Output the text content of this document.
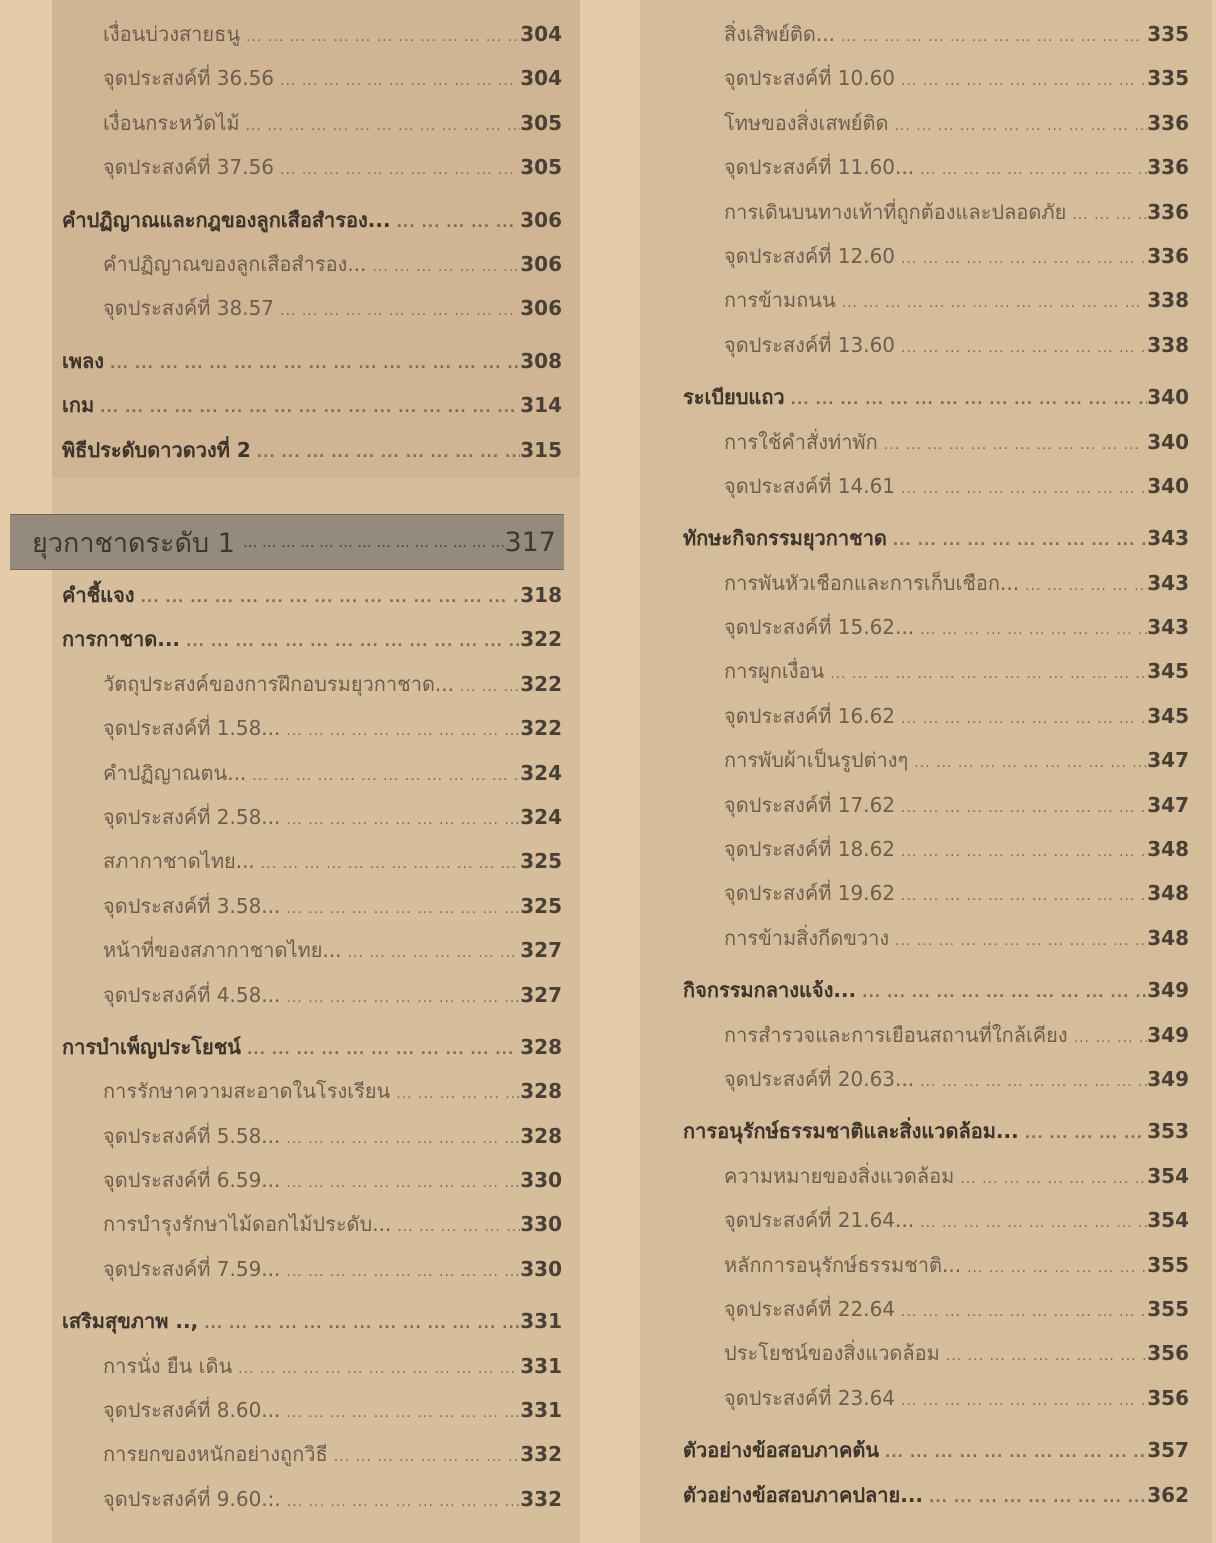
เงื่อนบ่วงสายธนู ... .	304
จุดประสงค์ที่ 36.56 ... .	304
เงื่อนกระหวัดไม้ ... .	305
จุดประสงค์ที่ 37.56 ... .	305
คำปฏิญาณและกฎของลูกเสือสำรอง... ... .	306
คำปฏิญาณของลูกเสือสำรอง... ... .	306
จุดประสงค์ที่ 38.57 ... .	306
เพลง ... .	308
เกม ... .	314
พิธีประดับดาวดวงที่ 2 ... .	315
ยุวกาชาดระดับ 1 ... .	317
คำชี้แจง ... .	318
การกาชาด... ... .	322
วัตถุประสงค์ของการฝึกอบรมยุวกาชาด... ... .	322
จุดประสงค์ที่ 1.58... ... .	322
คำปฏิญาณตน... ... .	324
จุดประสงค์ที่ 2.58... ... .	324
สภากาชาดไทย... ... .	325
จุดประสงค์ที่ 3.58... ... .	325
หน้าที่ของสภากาชาดไทย... ... .	327
จุดประสงค์ที่ 4.58... ... .	327
การบำเพ็ญประโยชน์ ... .	328
การรักษาความสะอาดในโรงเรียน ... .	328
จุดประสงค์ที่ 5.58... ... .	328
จุดประสงค์ที่ 6.59... ... .	330
การบำรุงรักษาไม้ดอกไม้ประดับ... ... .	330
จุดประสงค์ที่ 7.59... ... .	330
เสริมสุขภาพ .., ... .	331
การนั่ง ยืน เดิน ... .	331
จุดประสงค์ที่ 8.60... ... .	331
การยกของหนักอย่างถูกวิธี ... .	332
จุดประสงค์ที่ 9.60.:. ... .	332
สิ่งเสิพย์ติด... ... .	335
จุดประสงค์ที่ 10.60 ... .	335
โทษของสิ่งเสพย์ติด ... .	336
จุดประสงค์ที่ 11.60... ... .	336
การเดินบนทางเท้าที่ถูกต้องและปลอดภัย ... .	336
จุดประสงค์ที่ 12.60 ... .	336
การข้ามถนน ... .	338
จุดประสงค์ที่ 13.60 ... .	338
ระเบียบแถว ... .	340
การใช้คำสั่งท่าพัก ... .	340
จุดประสงค์ที่ 14.61 ... .	340
ทักษะกิจกรรมยุวกาชาด ... .	343
การพันหัวเชือกและการเก็บเชือก... ... .	343
จุดประสงค์ที่ 15.62... ... .	343
การผูกเงื่อน ... .	345
จุดประสงค์ที่ 16.62 ... .	345
การพับผ้าเป็นรูปต่างๆ ... .	347
จุดประสงค์ที่ 17.62 ... .	347
จุดประสงค์ที่ 18.62 ... .	348
จุดประสงค์ที่ 19.62 ... .	348
การข้ามสิ่งกีดขวาง ... .	348
กิจกรรมกลางแจ้ง... ... .	349
การสำรวจและการเยือนสถานที่ใกล้เคียง ... .	349
จุดประสงค์ที่ 20.63... ... .	349
การอนุรักษ์ธรรมชาติและสิ่งแวดล้อม... ... .	353
ความหมายของสิ่งแวดล้อม ... .	354
จุดประสงค์ที่ 21.64... ... .	354
หลักการอนุรักษ์ธรรมชาติ... ... .	355
จุดประสงค์ที่ 22.64 ... .	355
ประโยชน์ของสิ่งแวดล้อม ... .	356
จุดประสงค์ที่ 23.64 ... .	356
ตัวอย่างข้อสอบภาคต้น ... .	357
ตัวอย่างข้อสอบภาคปลาย... ... .	362
